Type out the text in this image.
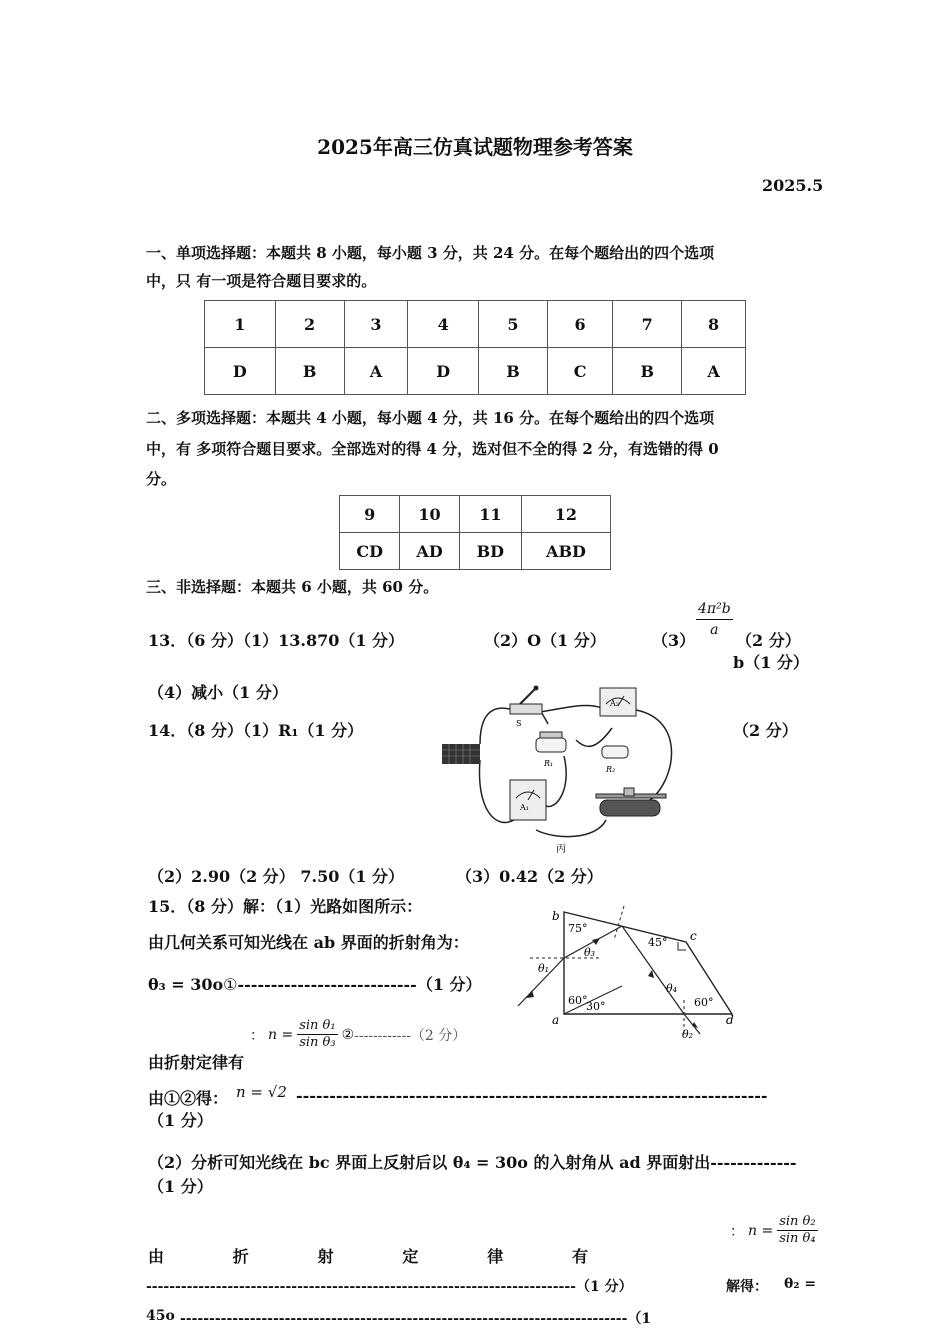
2025年高三仿真试题物理参考答案
2025.5
一、单项选择题：本题共 8 小题，每小题 3 分，共 24 分。在每个题给出的四个选项
中，只 有一项是符合题目要求的。
1	2	3	4	5	6	7	8
D	B	A	D	B	C	B	A
二、多项选择题：本题共 4 小题，每小题 4 分，共 16 分。在每个题给出的四个选项
中，有 多项符合题目要求。全部选对的得 4 分，选对但不全的得 2 分，有选错的得 0
分。
9	10	11	12
CD	AD	BD	ABD
三、非选择题：本题共 6 小题，共 60 分。
13．（6 分）（1）13.870（1 分）	（2）O（1 分）	（3）
$\frac{\text{4π²b}}{a}$
（2 分）
b（1 分）
（4）减小（1 分）
14．（8 分）（1）R₁（1 分）	（2 分）
S
A₂
R₁
R₂
A₁
丙
（2）2.90（2 分） 7.50（1 分）	（3）0.42（2 分）
15．（8 分）解：（1）光路如图所示：
由几何关系可知光线在 ab 界面的折射角为：
θ₃ = 30o①---------------------------（1 分）
b
c
a	d
75°
45°
60°
30°	60°
θ₁
θ₂
θ₃
θ₄
： $n = \frac{\text{sin θ₁}}{\text{sin θ₃}}$ ② ------------（2 分）
由折射定律有
由①②得： n = √2 -----------------------------------------------------------------------
（1 分）
（2）分析可知光线在 bc 界面上反射后以 θ₄ = 30o 的入射角从 ad 界面射出-------------
（1 分）
由	折	射	定	律	有
： $n = \frac{\text{sin θ₂}}{\text{sin θ₄}}$
--------------------------------------------------------------------------（1 分）	解得： θ₂ =
45o -----------------------------------------------------------------------------（1
